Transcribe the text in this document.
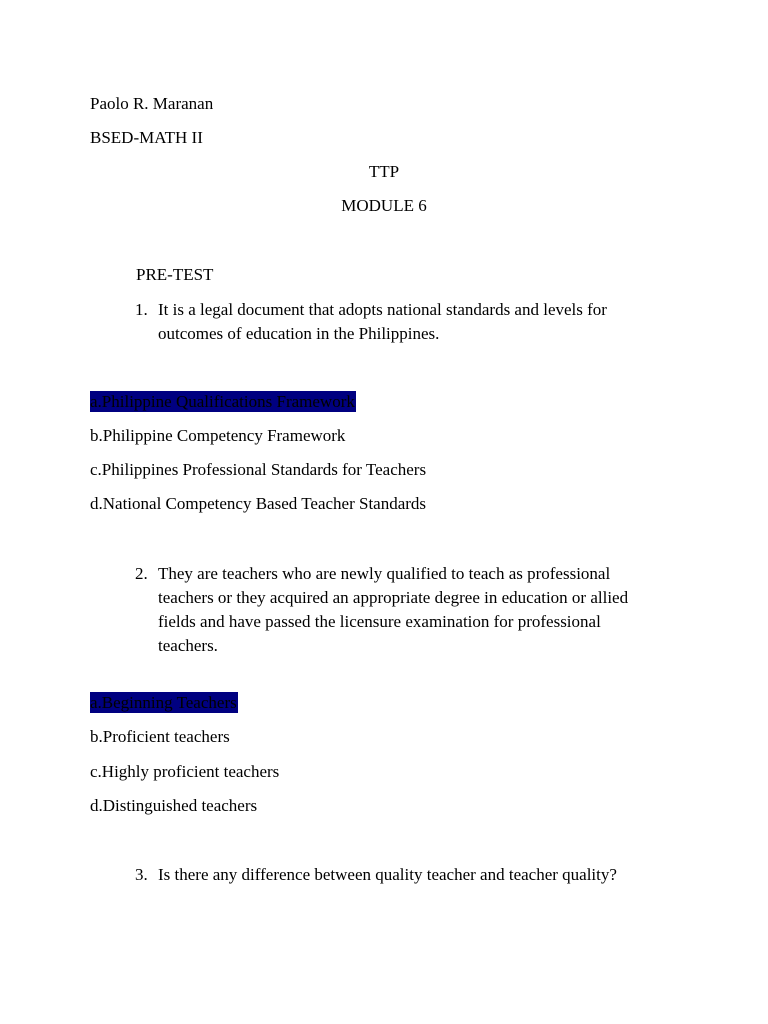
Paolo R. Maranan
BSED-MATH II
TTP
MODULE 6
PRE-TEST
1. It is a legal document that adopts national standards and levels for outcomes of education in the Philippines.
a.Philippine Qualifications Framework
b.Philippine Competency Framework
c.Philippines Professional Standards for Teachers
d.National Competency Based Teacher Standards
2. They are teachers who are newly qualified to teach as professional teachers or they acquired an appropriate degree in education or allied fields and have passed the licensure examination for professional teachers.
a.Beginning Teachers
b.Proficient teachers
c.Highly proficient teachers
d.Distinguished teachers
3. Is there any difference between quality teacher and teacher quality?
